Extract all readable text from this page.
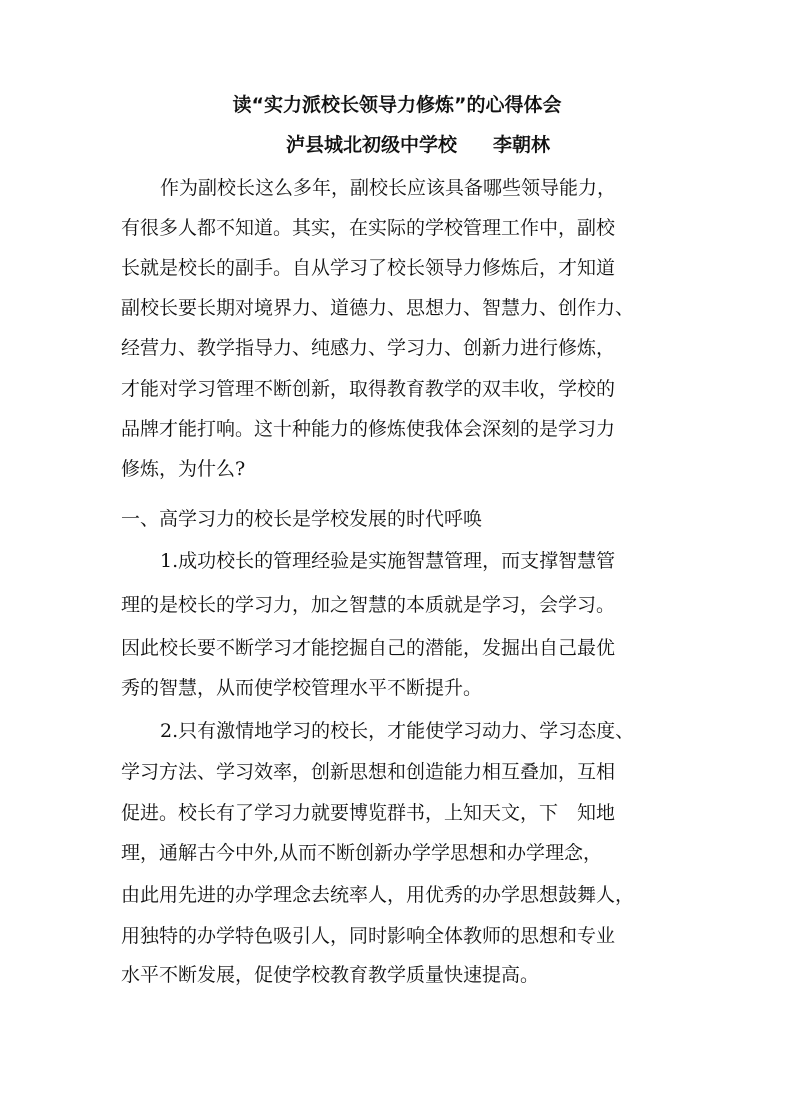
读“实力派校长领导力修炼”的心得体会
泸县城北初级中学校 李朝林
作为副校长这么多年，副校长应该具备哪些领导能力，
有很多人都不知道。其实，在实际的学校管理工作中，副校
长就是校长的副手。自从学习了校长领导力修炼后，才知道
副校长要长期对境界力、道德力、思想力、智慧力、创作力、
经营力、教学指导力、纯感力、学习力、创新力进行修炼，
才能对学习管理不断创新，取得教育教学的双丰收，学校的
品牌才能打响。这十种能力的修炼使我体会深刻的是学习力
修炼，为什么?
一、高学习力的校长是学校发展的时代呼唤
1.成功校长的管理经验是实施智慧管理，而支撑智慧管
理的是校长的学习力，加之智慧的本质就是学习，会学习。
因此校长要不断学习才能挖掘自己的潜能，发掘出自己最优
秀的智慧，从而使学校管理水平不断提升。
2.只有激情地学习的校长，才能使学习动力、学习态度、
学习方法、学习效率，创新思想和创造能力相互叠加，互相
促进。校长有了学习力就要博览群书，上知天文，下　知地
理，通解古今中外,从而不断创新办学学思想和办学理念，
由此用先进的办学理念去统率人，用优秀的办学思想鼓舞人，
用独特的办学特色吸引人，同时影响全体教师的思想和专业
水平不断发展，促使学校教育教学质量快速提高。
